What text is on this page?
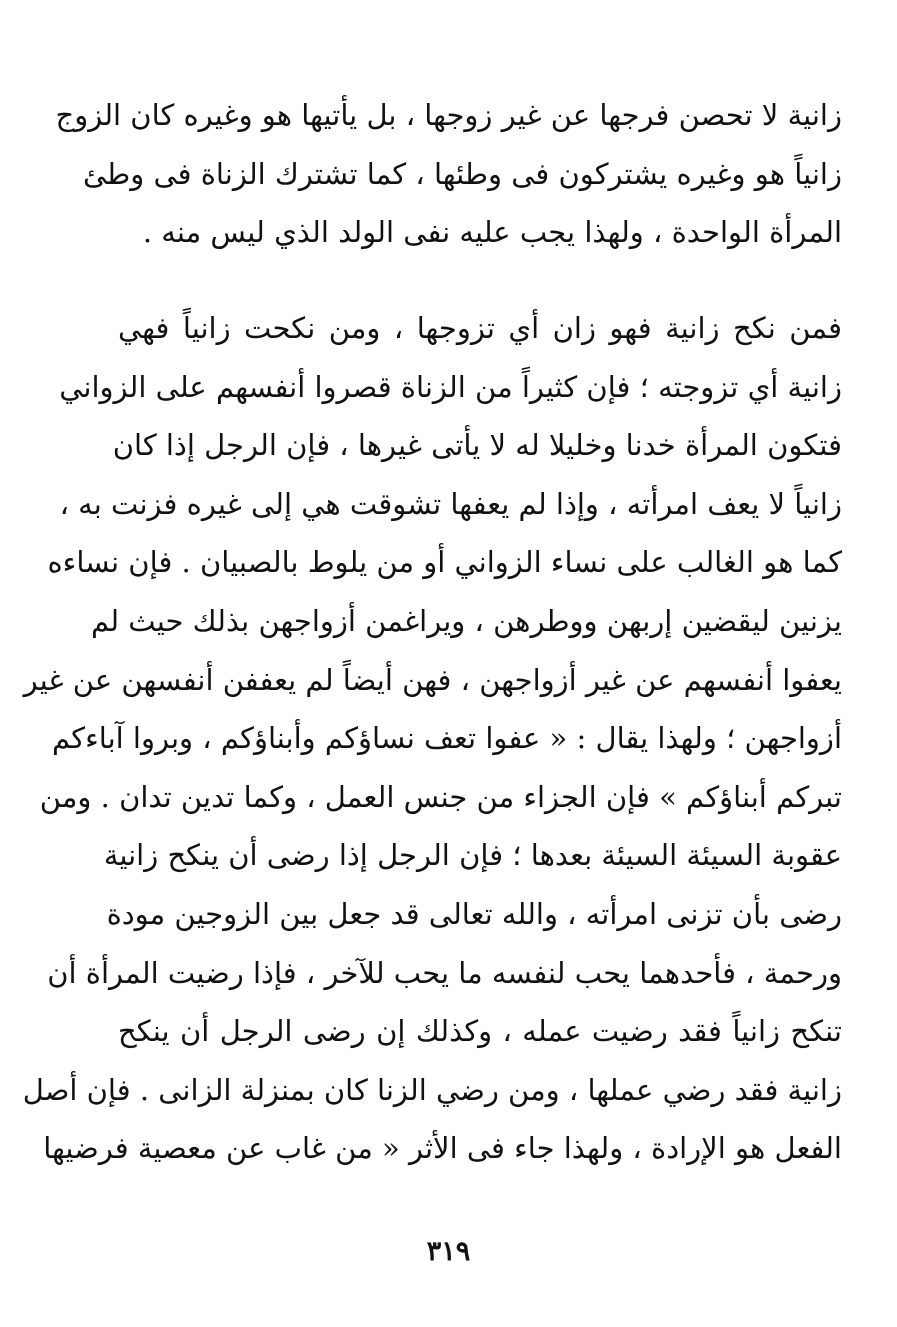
زانية لا تحصن فرجها عن غير زوجها ، بل يأتيها هو وغيره كان الزوج
زانياً هو وغيره يشتركون فى وطئها ، كما تشترك الزناة فى وطئ
المرأة الواحدة ، ولهذا يجب عليه نفى الولد الذي ليس منه .
فمن نكح زانية فهو زان أي تزوجها ، ومن نكحت زانياً فهي
زانية أي تزوجته ؛ فإن كثيراً من الزناة قصروا أنفسهم على الزواني
فتكون المرأة خدنا وخليلا له لا يأتى غيرها ، فإن الرجل إذا كان
زانياً لا يعف امرأته ، وإذا لم يعفها تشوقت هي إلى غيره فزنت به ،
كما هو الغالب على نساء الزواني أو من يلوط بالصبيان . فإن نساءه
يزنين ليقضين إربهن ووطرهن ، ويراغمن أزواجهن بذلك حيث لم
يعفوا أنفسهم عن غير أزواجهن ، فهن أيضاً لم يعففن أنفسهن عن غير
أزواجهن ؛ ولهذا يقال : « عفوا تعف نساؤكم وأبناؤكم ، وبروا آباءكم
تبركم أبناؤكم » فإن الجزاء من جنس العمل ، وكما تدين تدان . ومن
عقوبة السيئة السيئة بعدها ؛ فإن الرجل إذا رضى أن ينكح زانية
رضى بأن تزنى امرأته ، والله تعالى قد جعل بين الزوجين مودة
ورحمة ، فأحدهما يحب لنفسه ما يحب للآخر ، فإذا رضيت المرأة أن
تنكح زانياً فقد رضيت عمله ، وكذلك إن رضى الرجل أن ينكح
زانية فقد رضي عملها ، ومن رضي الزنا كان بمنزلة الزانى . فإن أصل
الفعل هو الإرادة ، ولهذا جاء فى الأثر « من غاب عن معصية فرضيها
٣١٩
